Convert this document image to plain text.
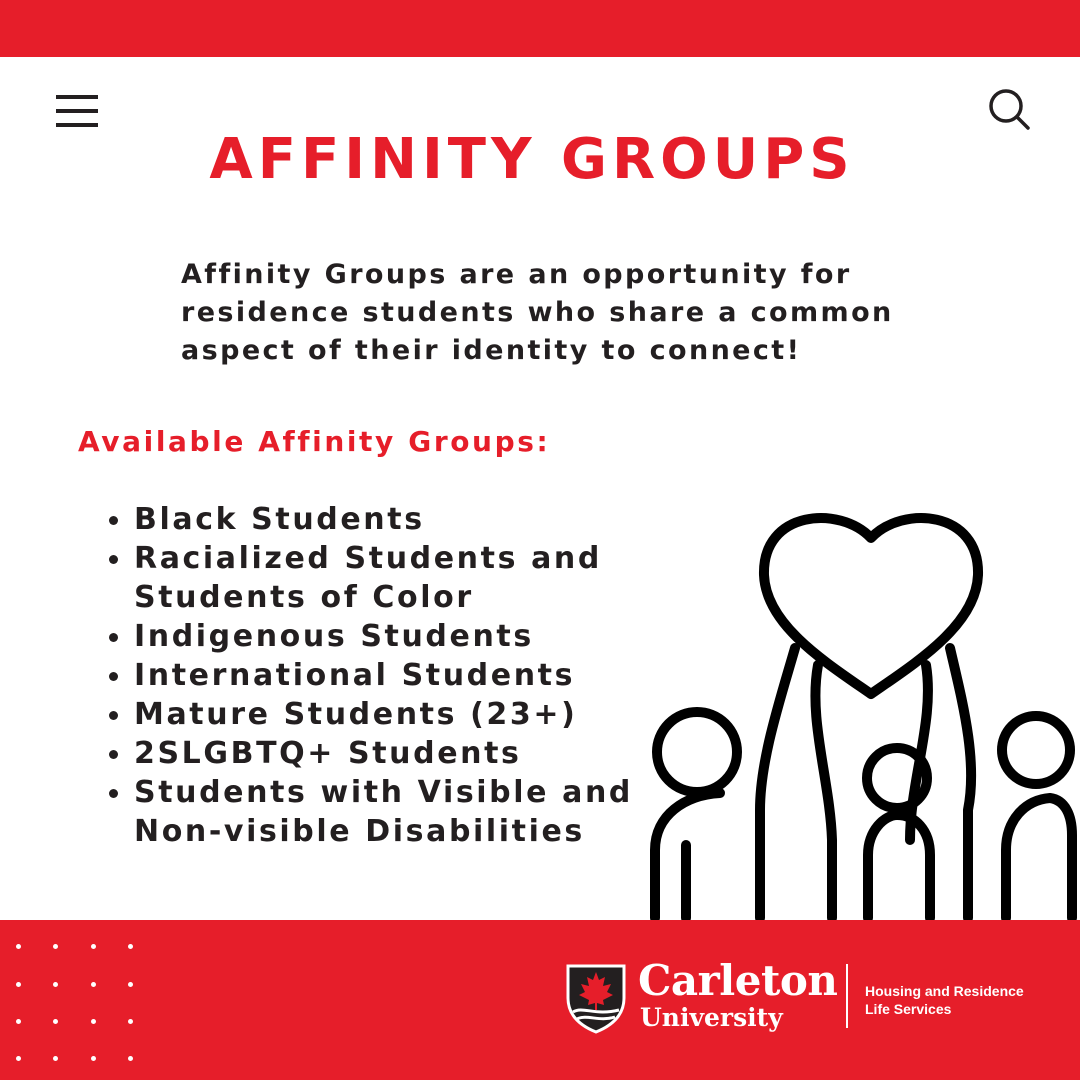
AFFINITY GROUPS
Affinity Groups are an opportunity for residence students who share a common aspect of their identity to connect!
Available Affinity Groups:
Black Students
Racialized Students and Students of Color
Indigenous Students
International Students
Mature Students (23+)
2SLGBTQ+ Students
Students with Visible and Non-visible Disabilities
Carleton
University
Housing and Residence
Life Services
